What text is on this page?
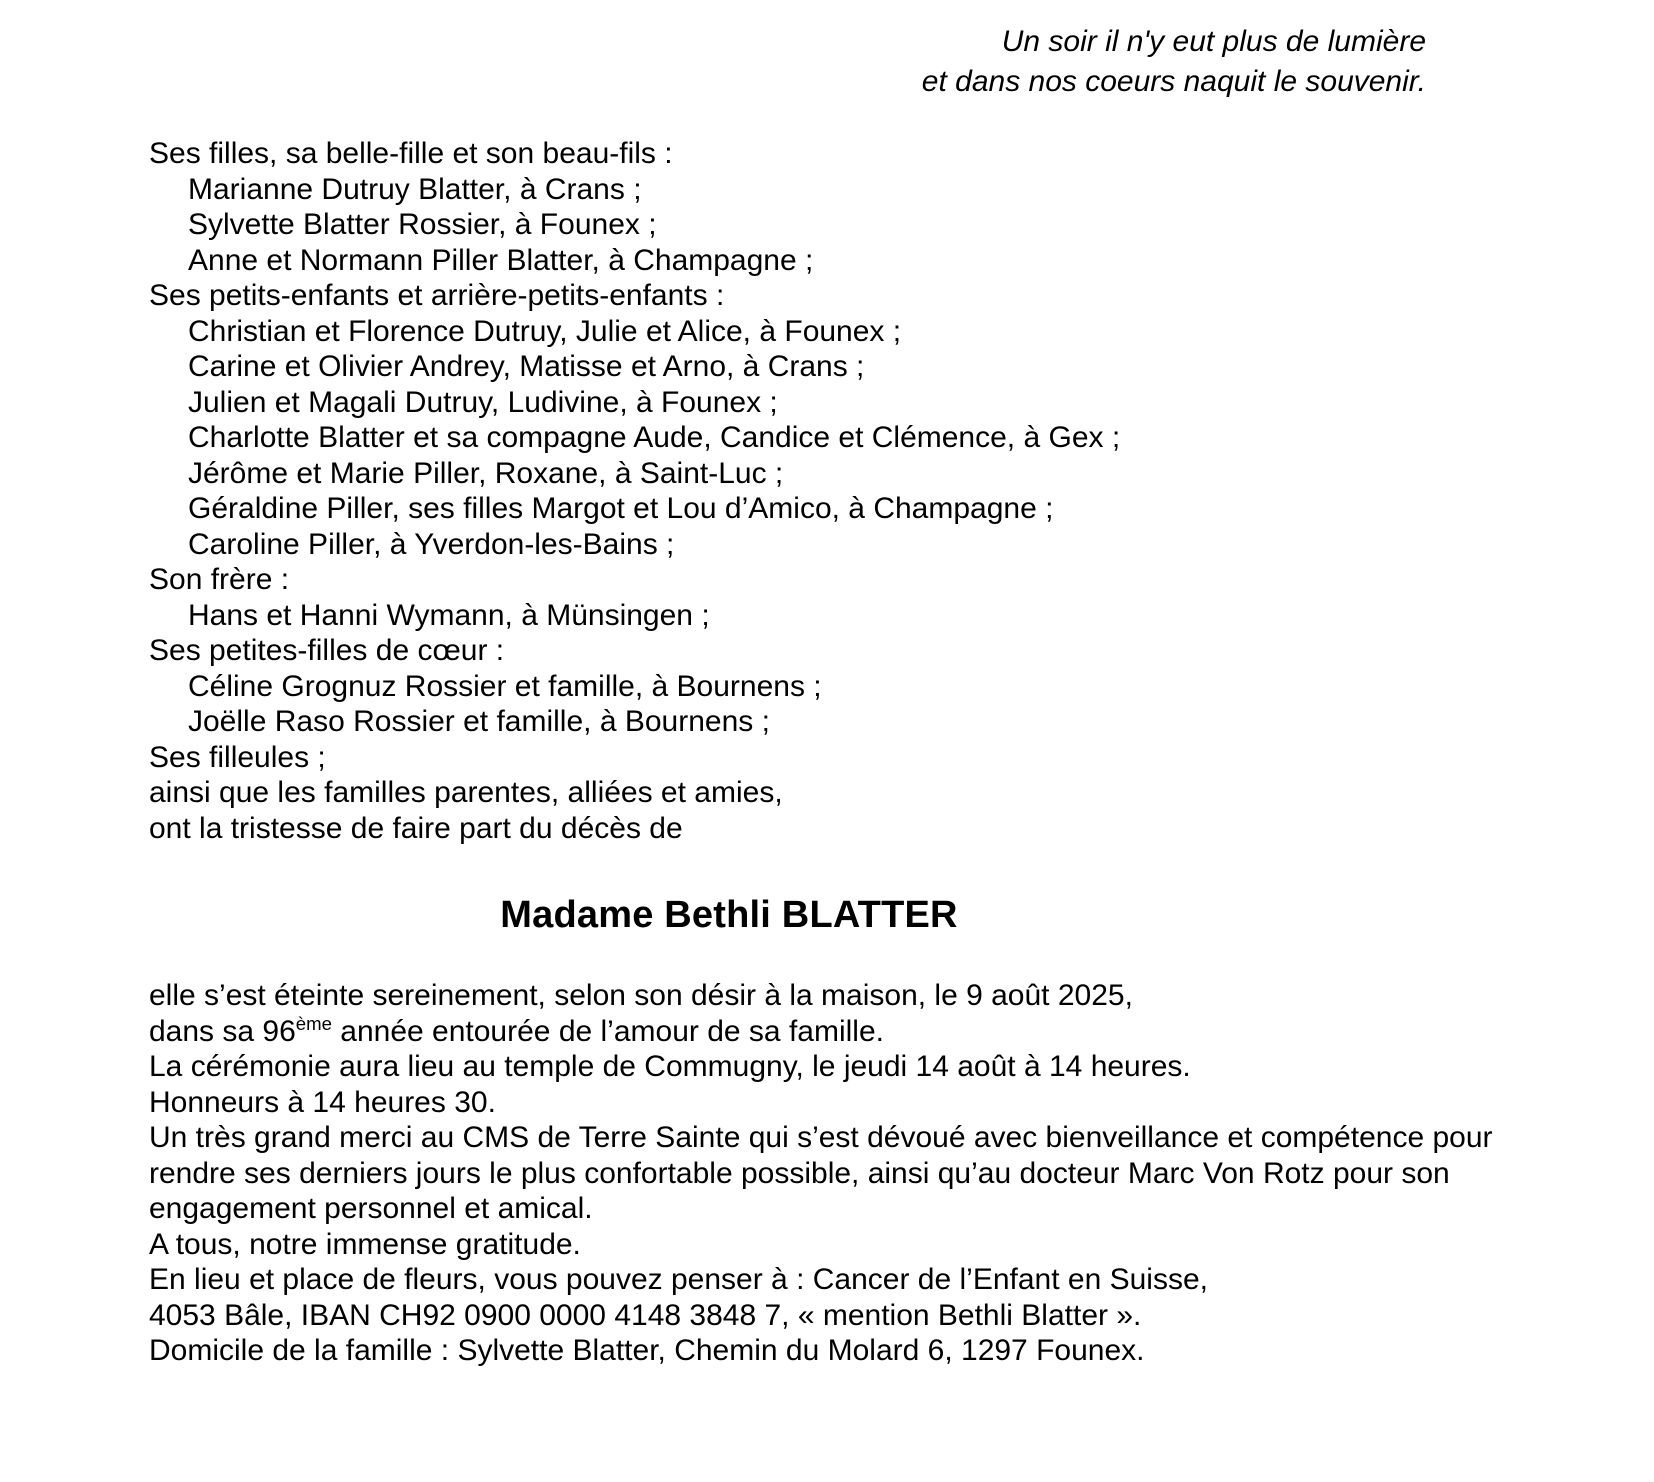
Un soir il n'y eut plus de lumière
et dans nos coeurs naquit le souvenir.
Ses filles, sa belle-fille et son beau-fils :
Marianne Dutruy Blatter, à Crans ;
Sylvette Blatter Rossier, à Founex ;
Anne et Normann Piller Blatter, à Champagne ;
Ses petits-enfants et arrière-petits-enfants :
Christian et Florence Dutruy, Julie et Alice, à Founex ;
Carine et Olivier Andrey, Matisse et Arno, à Crans ;
Julien et Magali Dutruy, Ludivine, à Founex ;
Charlotte Blatter et sa compagne Aude, Candice et Clémence, à Gex ;
Jérôme et Marie Piller, Roxane, à Saint-Luc ;
Géraldine Piller, ses filles Margot et Lou d’Amico, à Champagne ;
Caroline Piller, à Yverdon-les-Bains ;
Son frère :
Hans et Hanni Wymann, à Münsingen ;
Ses petites-filles de cœur :
Céline Grognuz Rossier et famille, à Bournens ;
Joëlle Raso Rossier et famille, à Bournens ;
Ses filleules ;
ainsi que les familles parentes, alliées et amies,
ont la tristesse de faire part du décès de
Madame Bethli BLATTER
elle s’est éteinte sereinement, selon son désir à la maison, le 9 août 2025,
dans sa 96ème année entourée de l’amour de sa famille.
La cérémonie aura lieu au temple de Commugny, le jeudi 14 août à 14 heures.
Honneurs à 14 heures 30.
Un très grand merci au CMS de Terre Sainte qui s’est dévoué avec bienveillance et compétence pour rendre ses derniers jours le plus confortable possible, ainsi qu’au docteur Marc Von Rotz pour son engagement personnel et amical.
A tous, notre immense gratitude.
En lieu et place de fleurs, vous pouvez penser à : Cancer de l’Enfant en Suisse,
4053 Bâle, IBAN CH92 0900 0000 4148 3848 7, « mention Bethli Blatter ».
Domicile de la famille : Sylvette Blatter, Chemin du Molard 6, 1297 Founex.
